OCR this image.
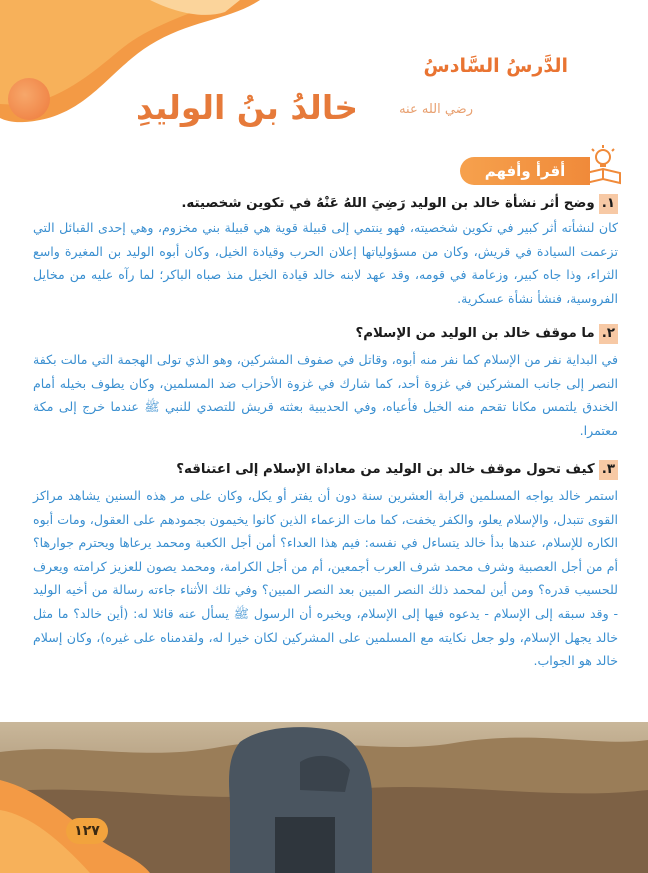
الدَّرسُ السَّادسُ
خالدُ بنُ الوليدِ	رضي الله عنه
أقرأ وأفهم
١.وضح أثر نشأة خالد بن الوليد رَضِيَ اللهُ عَنْهُ في تكوين شخصيته.
كان لنشأته أثر كبير في تكوين شخصيته، فهو ينتمي إلى قبيلة قوية هي قبيلة بني مخزوم، وهي إحدى القبائل التي تزعمت السيادة في قريش، وكان من مسؤولياتها إعلان الحرب وقيادة الخيل، وكان أبوه الوليد بن المغيرة واسع الثراء، وذا جاه كبير، وزعامة في قومه، وقد عهد لابنه خالد قيادة الخيل منذ صباه الباكر؛ لما رآه عليه من مخايل الفروسية، فنشأ نشأة عسكرية.
٢.ما موقف خالد بن الوليد من الإسلام؟
في البداية نفر من الإسلام كما نفر منه أبوه، وقاتل في صفوف المشركين، وهو الذي تولى الهجمة التي مالت بكفة النصر إلى جانب المشركين في غزوة أحد، كما شارك في غزوة الأحزاب ضد المسلمين، وكان يطوف بخيله أمام الخندق يلتمس مكانا تقحم منه الخيل فأعياه، وفي الحديبية بعثته قريش للتصدي للنبي ﷺ عندما خرج إلى مكة معتمرا.
٣.كيف تحول موقف خالد بن الوليد من معاداة الإسلام إلى اعتناقه؟
استمر خالد يواجه المسلمين قرابة العشرين سنة دون أن يفتر أو يكل، وكان على مر هذه السنين يشاهد مراكز القوى تتبدل، والإسلام يعلو، والكفر يخفت، كما مات الزعماء الذين كانوا يخيمون بجمودهم على العقول، ومات أبوه الكاره للإسلام، عندها بدأ خالد يتساءل في نفسه: فيم هذا العداء؟ أمن أجل الكعبة ومحمد يرعاها ويحترم جوارها؟ أم من أجل العصبية وشرف محمد شرف العرب أجمعين، أم من أجل الكرامة، ومحمد يصون للعزيز كرامته ويعرف للحسيب قدره؟ ومن أين لمحمد ذلك النصر المبين بعد النصر المبين؟ وفي تلك الأثناء جاءته رسالة من أخيه الوليد - وقد سبقه إلى الإسلام - يدعوه فيها إلى الإسلام، ويخبره أن الرسول ﷺ يسأل عنه قائلا له: (أين خالد؟ ما مثل خالد يجهل الإسلام، ولو جعل نكايته مع المسلمين على المشركين لكان خيرا له، ولقدمناه على غيره)، وكان إسلام خالد هو الجواب.
١٢٧
